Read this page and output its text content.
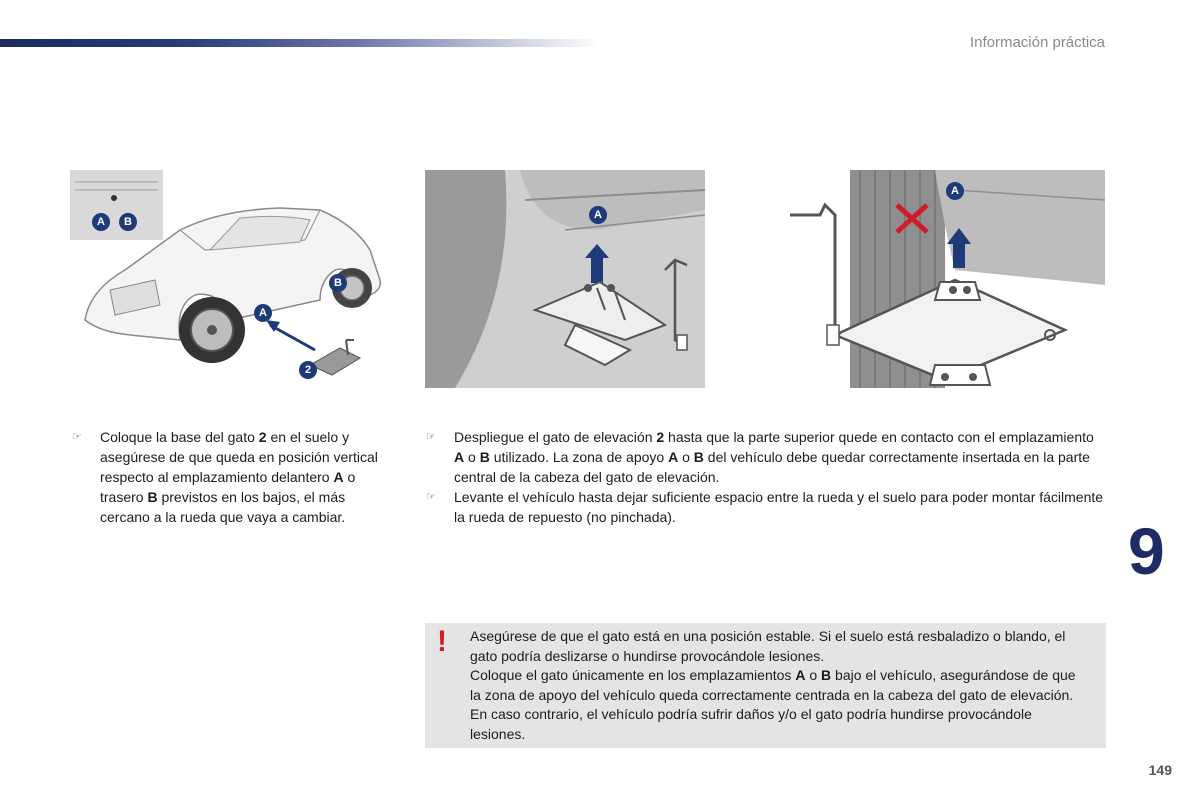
Información práctica
A	B
A
B
2
A
A
☞	Coloque la base del gato 2 en el suelo y asegúrese de que queda en posición vertical respecto al emplazamiento delantero A o trasero B previstos en los bajos, el más cercano a la rueda que vaya a cambiar.
☞	Despliegue el gato de elevación 2 hasta que la parte superior quede en contacto con el emplazamiento A o B utilizado. La zona de apoyo A o B del vehículo debe quedar correctamente insertada en la parte central de la cabeza del gato de elevación.
☞	Levante el vehículo hasta dejar suficiente espacio entre la rueda y el suelo para poder montar fácilmente la rueda de repuesto (no pinchada).	9
! Asegúrese de que el gato está en una posición estable. Si el suelo está resbaladizo o blando, el gato podría deslizarse o hundirse provocándole lesiones.
Coloque el gato únicamente en los emplazamientos A o B bajo el vehículo, asegurándose de que la zona de apoyo del vehículo queda correctamente centrada en la cabeza del gato de elevación. En caso contrario, el vehículo podría sufrir daños y/o el gato podría hundirse provocándole lesiones.
149
